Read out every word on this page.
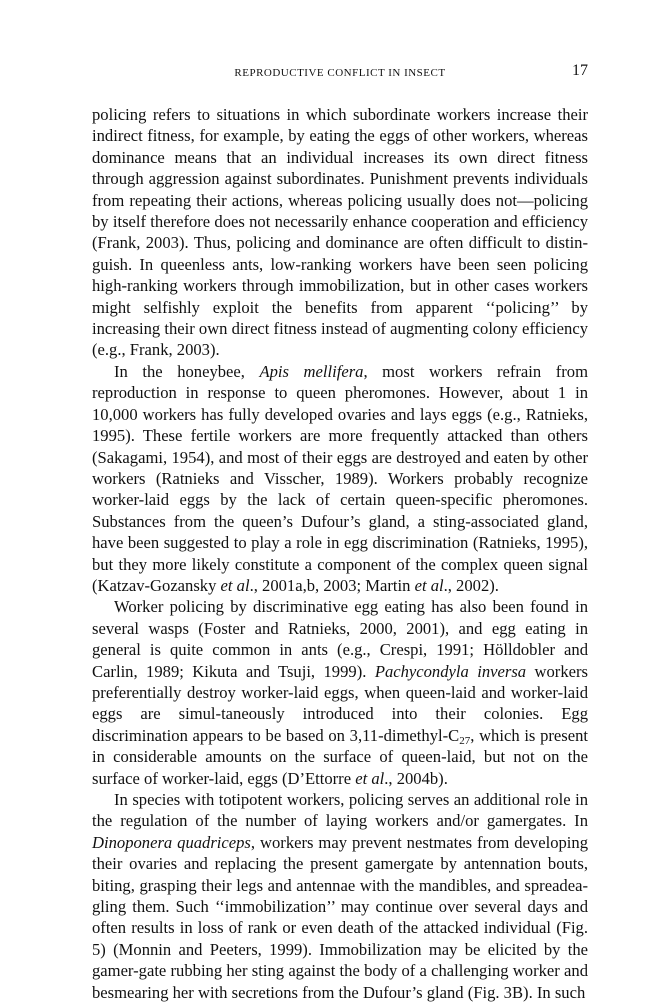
REPRODUCTIVE CONFLICT IN INSECT	17

policing refers to situations in which subordinate workers increase their indirect fitness, for example, by eating the eggs of other workers, whereas dominance means that an individual increases its own direct fitness through aggression against subordinates. Punishment prevents individuals from repeating their actions, whereas policing usually does not—policing by itself therefore does not necessarily enhance cooperation and efficiency (Frank, 2003). Thus, policing and dominance are often difficult to distin-guish. In queenless ants, low-ranking workers have been seen policing high-ranking workers through immobilization, but in other cases workers might selfishly exploit the benefits from apparent ‘‘policing’’ by increasing their own direct fitness instead of augmenting colony efficiency (e.g., Frank, 2003).

In the honeybee, Apis mellifera, most workers refrain from reproduction in response to queen pheromones. However, about 1 in 10,000 workers has fully developed ovaries and lays eggs (e.g., Ratnieks, 1995). These fertile workers are more frequently attacked than others (Sakagami, 1954), and most of their eggs are destroyed and eaten by other workers (Ratnieks and Visscher, 1989). Workers probably recognize worker-laid eggs by the lack of certain queen-specific pheromones. Substances from the queen’s Dufour’s gland, a sting-associated gland, have been suggested to play a role in egg discrimination (Ratnieks, 1995), but they more likely constitute a component of the complex queen signal (Katzav-Gozansky et al., 2001a,b, 2003; Martin et al., 2002).

Worker policing by discriminative egg eating has also been found in several wasps (Foster and Ratnieks, 2000, 2001), and egg eating in general is quite common in ants (e.g., Crespi, 1991; Hölldobler and Carlin, 1989; Kikuta and Tsuji, 1999). Pachycondyla inversa workers preferentially destroy worker-laid eggs, when queen-laid and worker-laid eggs are simul-taneously introduced into their colonies. Egg discrimination appears to be based on $3,11-dimethyl-C_{27}$, which is present in considerable amounts on the surface of queen-laid, but not on the surface of worker-laid, eggs (D’Ettorre et al., 2004b).

In species with totipotent workers, policing serves an additional role in the regulation of the number of laying workers and/or gamergates. In Dinoponera quadriceps, workers may prevent nestmates from developing their ovaries and replacing the present gamergate by antennation bouts, biting, grasping their legs and antennae with the mandibles, and spreadea-gling them. Such ‘‘immobilization’’ may continue over several days and often results in loss of rank or even death of the attacked individual (Fig. 5) (Monnin and Peeters, 1999). Immobilization may be elicited by the gamer-gate rubbing her sting against the body of a challenging worker and besmearing her with secretions from the Dufour’s gland (Fig. 3B). In such
